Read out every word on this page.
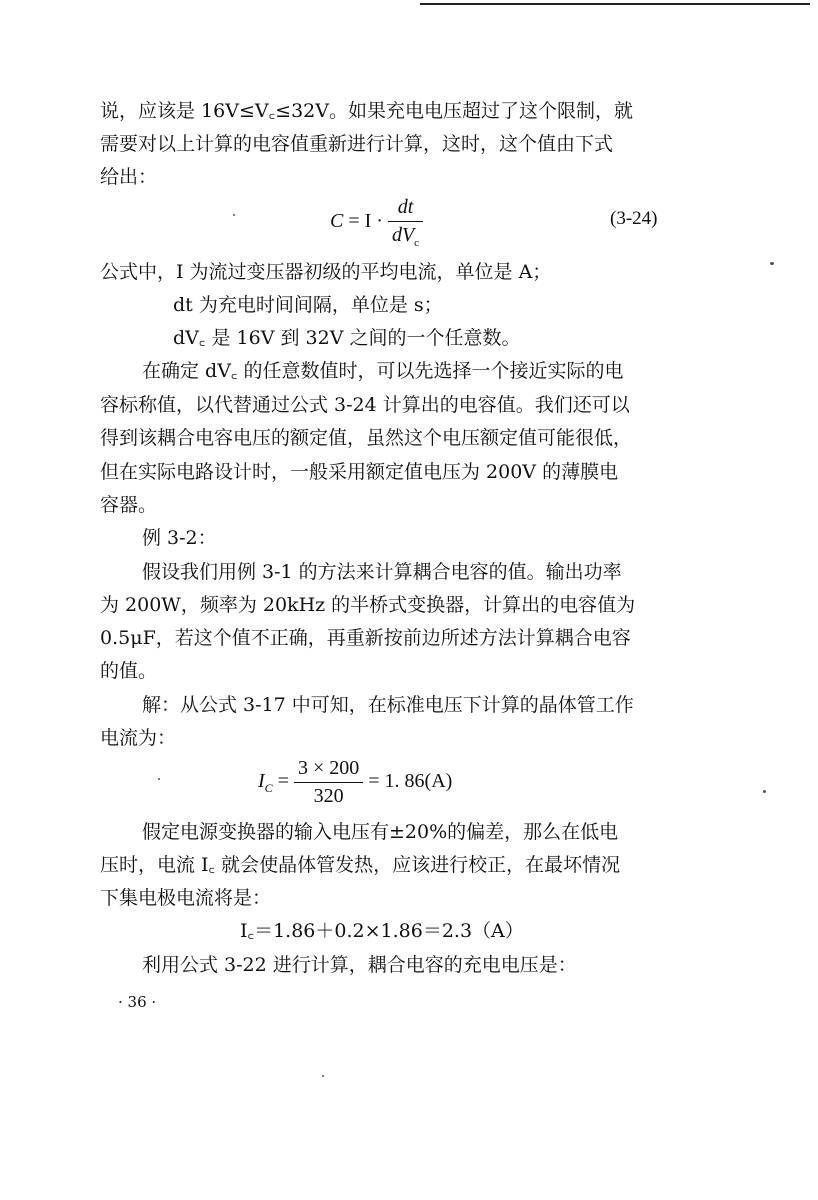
说，应该是 16V≤V꜀≤32V。如果充电电压超过了这个限制，就
需要对以上计算的电容值重新进行计算，这时，这个值由下式
给出：
$C = I \cdot \frac{dt}{dV_c}$	(3-24)
公式中，I 为流过变压器初级的平均电流，单位是 A；
dt 为充电时间间隔，单位是 s；
dV꜀ 是 16V 到 32V 之间的一个任意数。
在确定 dV꜀ 的任意数值时，可以先选择一个接近实际的电
容标称值，以代替通过公式 3-24 计算出的电容值。我们还可以
得到该耦合电容电压的额定值，虽然这个电压额定值可能很低，
但在实际电路设计时，一般采用额定值电压为 200V 的薄膜电
容器。
例 3-2：
假设我们用例 3-1 的方法来计算耦合电容的值。输出功率
为 200W，频率为 20kHz 的半桥式变换器，计算出的电容值为
0.5μF，若这个值不正确，再重新按前边所述方法计算耦合电容
的值。
解：从公式 3-17 中可知，在标准电压下计算的晶体管工作
电流为：
$I_C = \frac{3 \times 200}{320} = 1$. 86(A)
假定电源变换器的输入电压有±20%的偏差，那么在低电
压时，电流 I꜀ 就会使晶体管发热，应该进行校正，在最坏情况
下集电极电流将是：
I꜀＝1.86＋0.2×1.86＝2.3（A）
利用公式 3-22 进行计算，耦合电容的充电电压是：
· 36 ·
